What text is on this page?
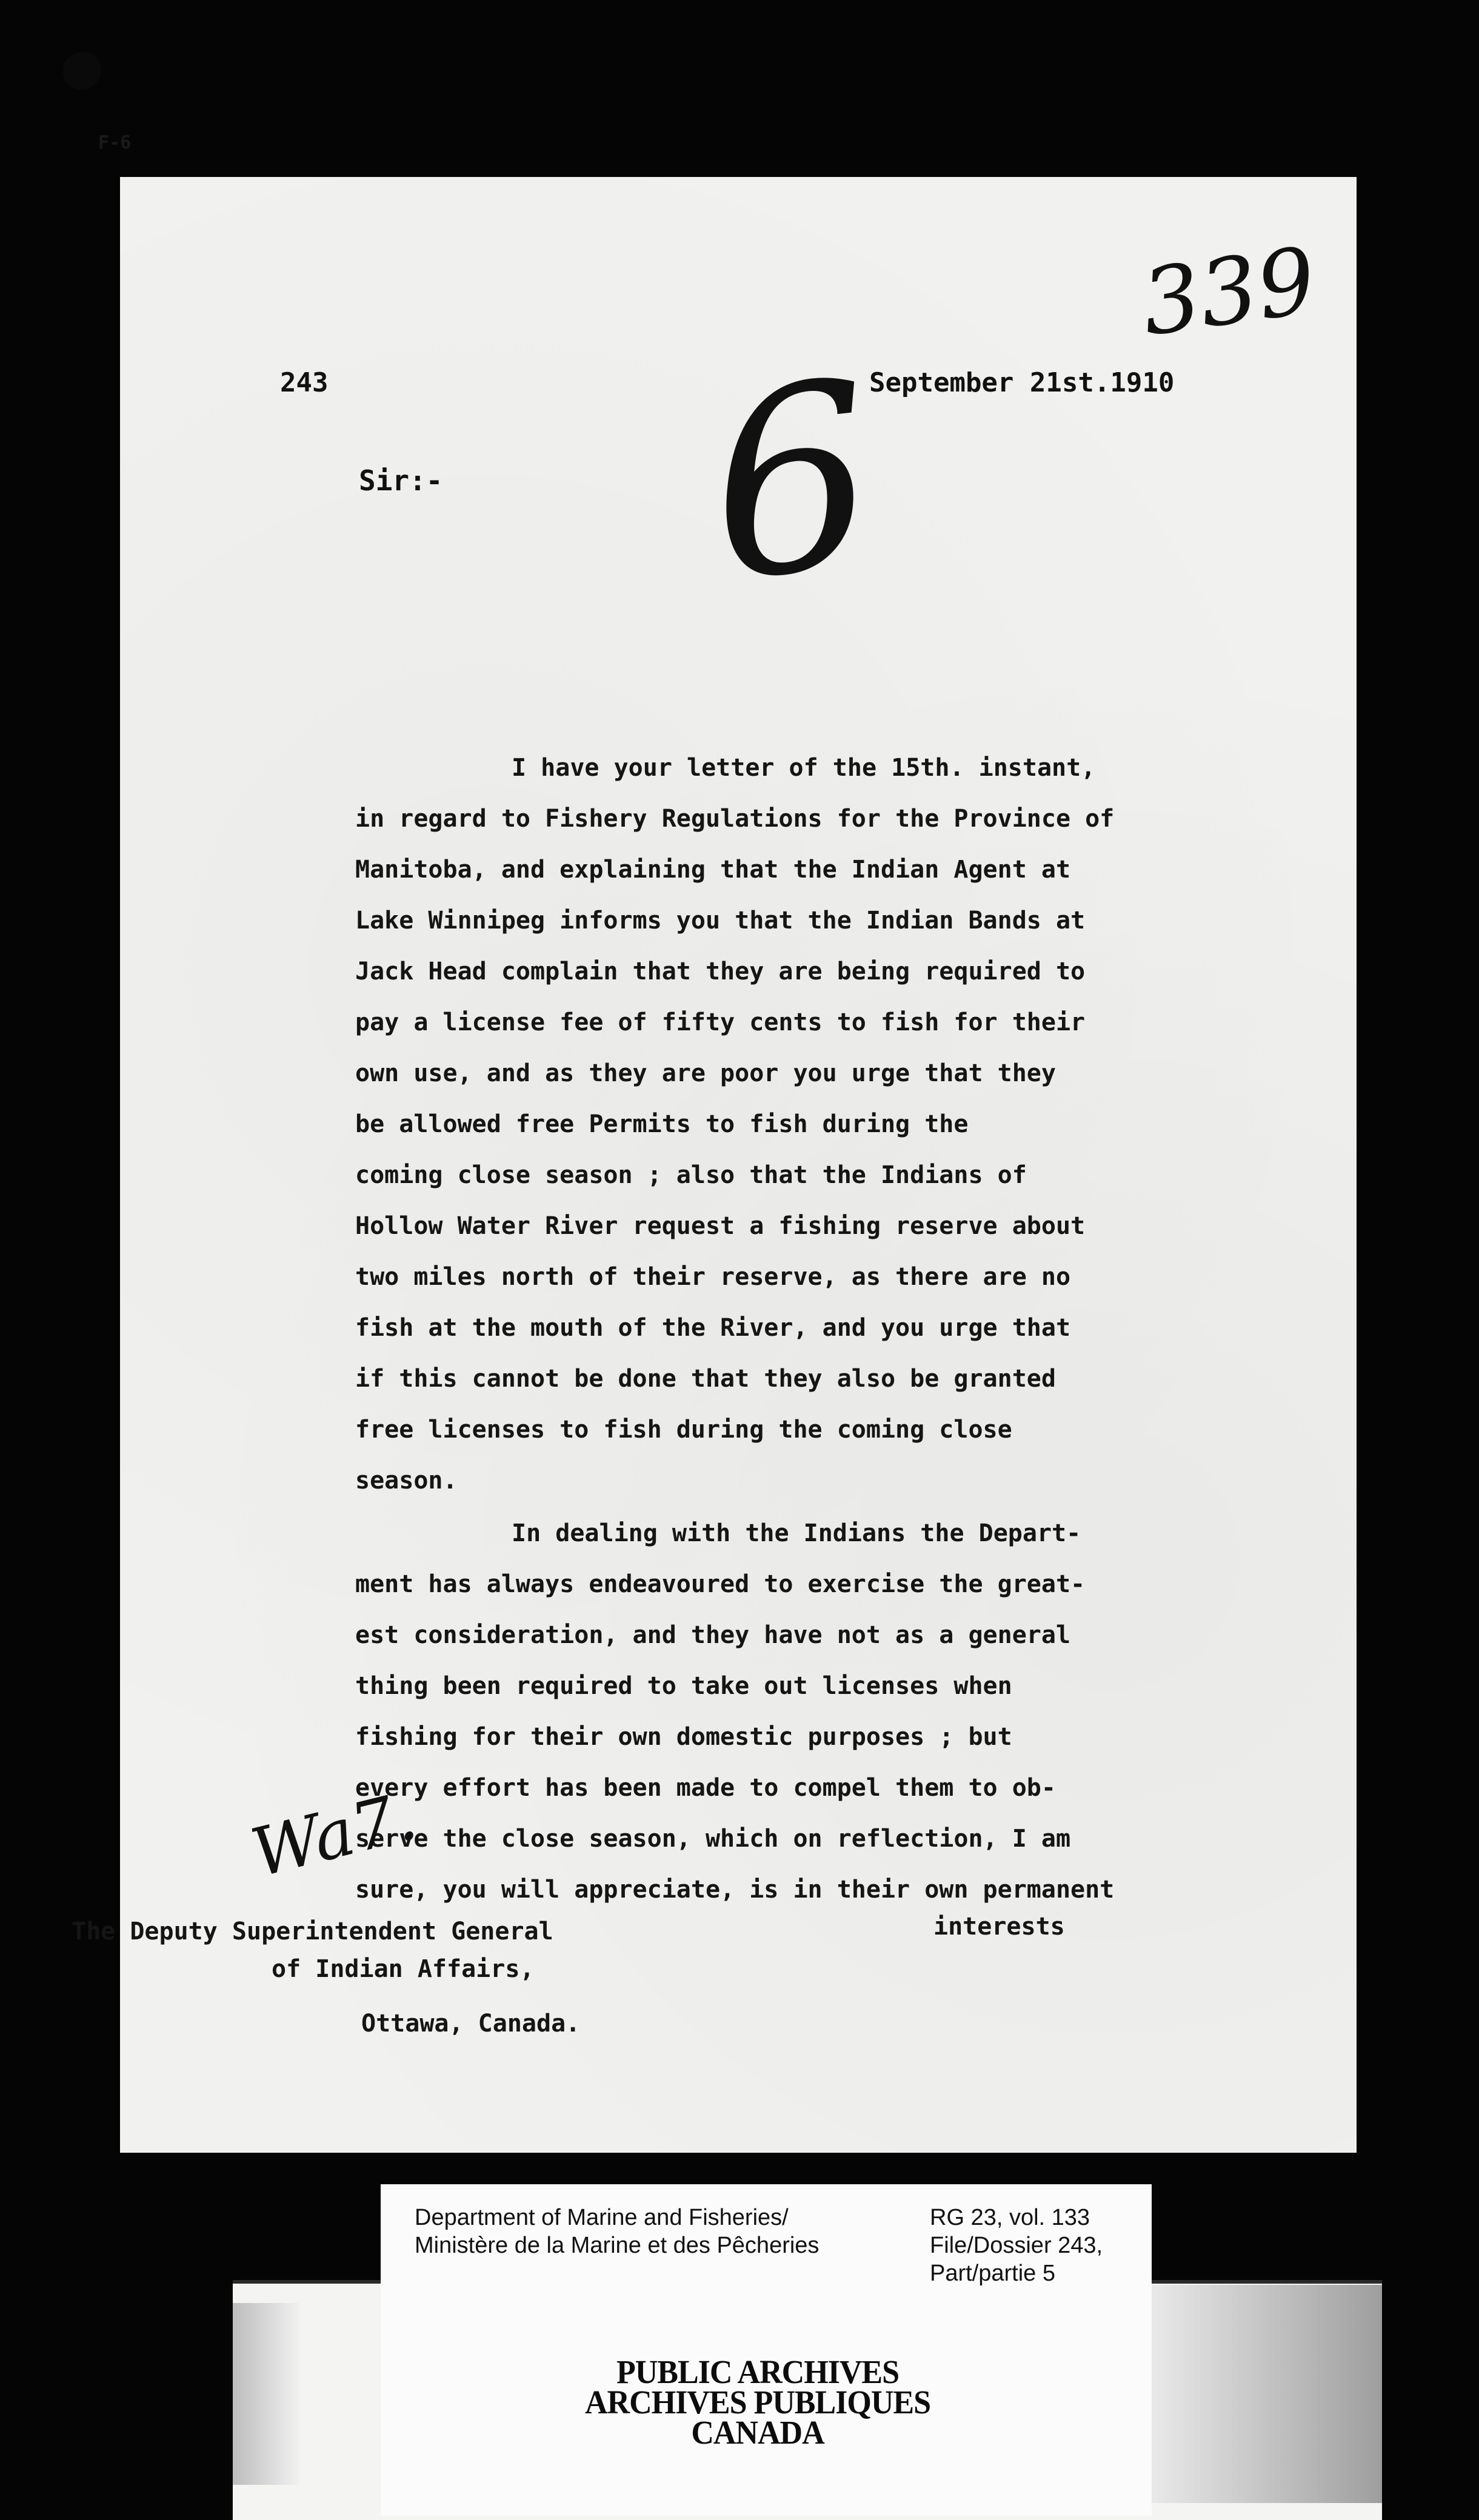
F-6
339
6
243	September 21st.1910
Sir:-
I have your letter of the 15th. instant,
in regard to Fishery Regulations for the Province of
Manitoba, and explaining that the Indian Agent at
Lake Winnipeg informs you that the Indian Bands at
Jack Head complain that they are being required to
pay a license fee of fifty cents to fish for their
own use, and as they are poor you urge that they
be allowed free Permits to fish during the
coming close season ; also that the Indians of
Hollow Water River request a fishing reserve about
two miles north of their reserve, as there are no
fish at the mouth of the River, and you urge that
if this cannot be done that they also be granted
free licenses to fish during the coming close
season.
In dealing with the Indians the Depart-
ment has always endeavoured to exercise the great-
est consideration, and they have not as a general
thing been required to take out licenses when
fishing for their own domestic purposes ; but
every effort has been made to compel them to ob-
serve the close season, which on reflection, I am
sure, you will appreciate, is in their own permanent
Wa7.
interests
The Deputy Superintendent General
of Indian Affairs,
Ottawa, Canada.
Department of Marine and Fisheries/
Ministère de la Marine et des Pêcheries
RG 23, vol. 133
File/Dossier 243,
Part/partie 5
PUBLIC ARCHIVES
ARCHIVES PUBLIQUES
CANADA
